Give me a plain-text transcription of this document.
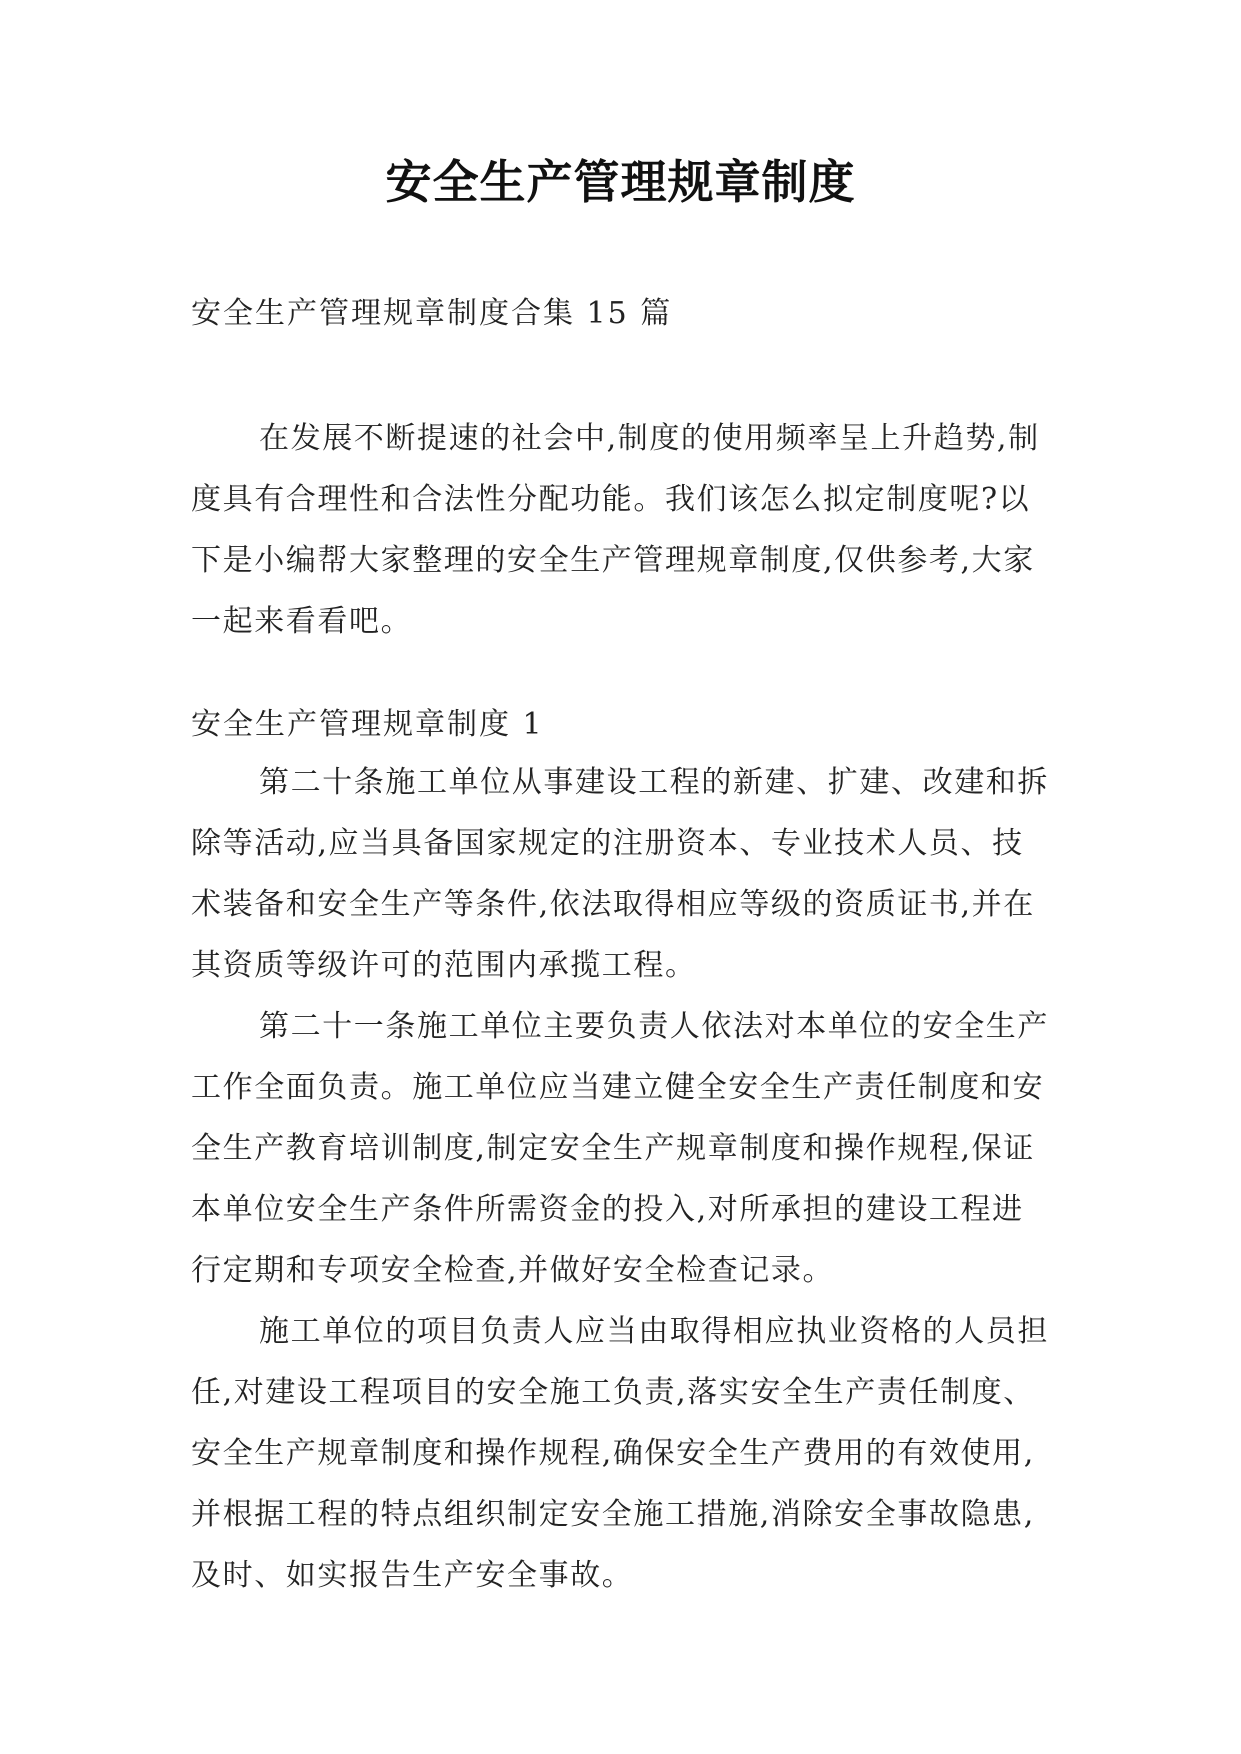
安全生产管理规章制度

安全生产管理规章制度合集 15 篇

在发展不断提速的社会中,制度的使用频率呈上升趋势,制度具有合理性和合法性分配功能。我们该怎么拟定制度呢?以下是小编帮大家整理的安全生产管理规章制度,仅供参考,大家一起来看看吧。

安全生产管理规章制度 1

第二十条施工单位从事建设工程的新建、扩建、改建和拆除等活动,应当具备国家规定的注册资本、专业技术人员、技术装备和安全生产等条件,依法取得相应等级的资质证书,并在其资质等级许可的范围内承揽工程。

第二十一条施工单位主要负责人依法对本单位的安全生产工作全面负责。施工单位应当建立健全安全生产责任制度和安全生产教育培训制度,制定安全生产规章制度和操作规程,保证本单位安全生产条件所需资金的投入,对所承担的建设工程进行定期和专项安全检查,并做好安全检查记录。

施工单位的项目负责人应当由取得相应执业资格的人员担任,对建设工程项目的安全施工负责,落实安全生产责任制度、安全生产规章制度和操作规程,确保安全生产费用的有效使用,并根据工程的特点组织制定安全施工措施,消除安全事故隐患,及时、如实报告生产安全事故。
